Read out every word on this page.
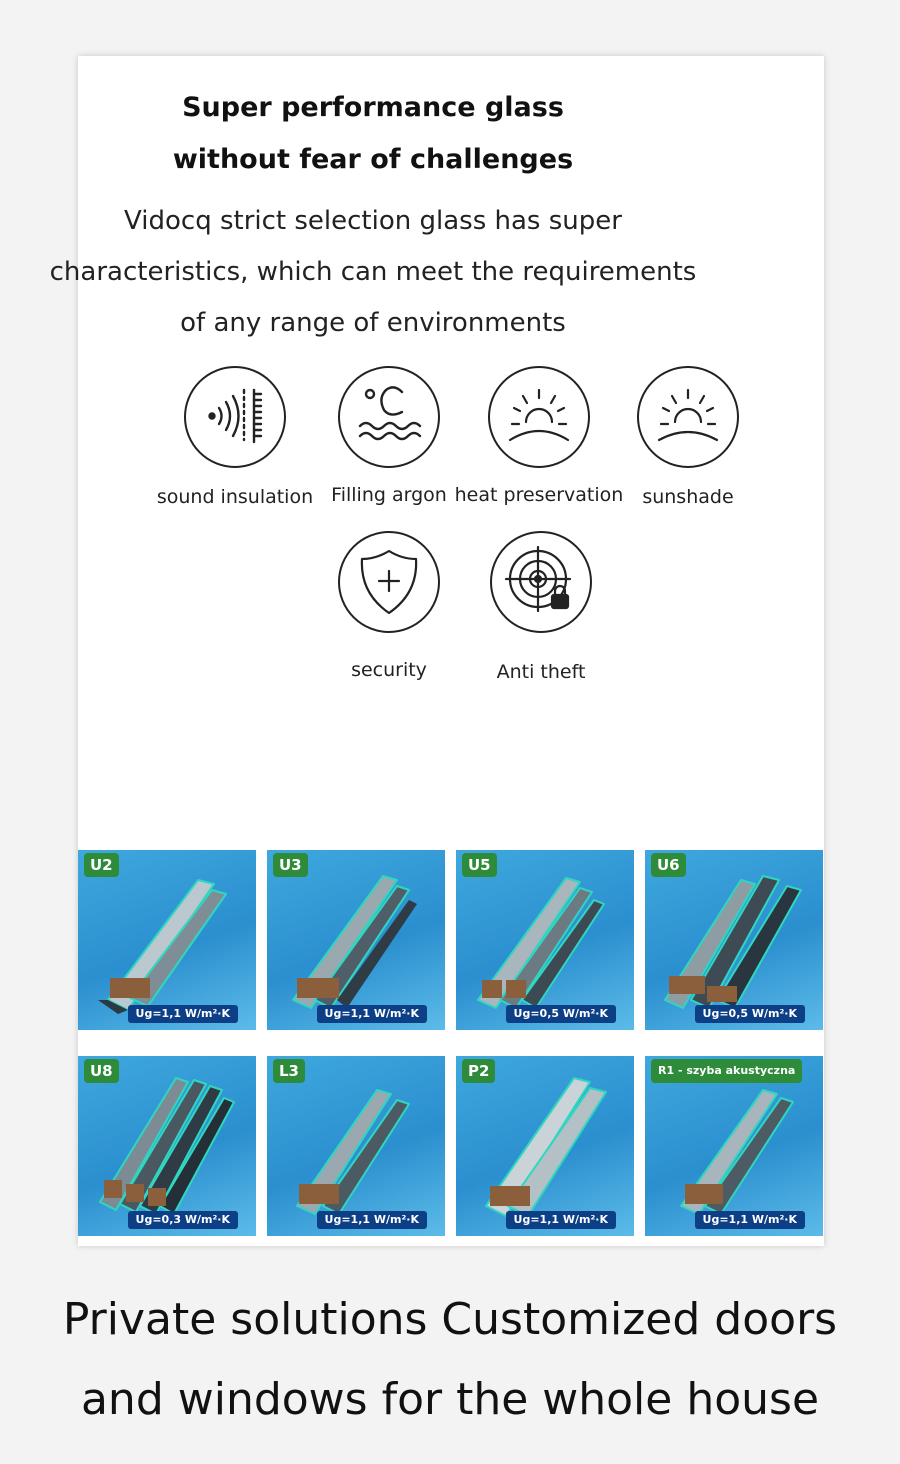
Super performance glass
without fear of challenges
Vidocq strict selection glass has super
characteristics, which can meet the requirements
of any range of environments
sound insulation Filling argon heat preservation sunshade
security	Anti theft
U2
Ug=1,1 W/m²·K
U3
Ug=1,1 W/m²·K
U5
Ug=0,5 W/m²·K
U6
Ug=0,5 W/m²·K
U8
Ug=0,3 W/m²·K
L3
Ug=1,1 W/m²·K
P2
Ug=1,1 W/m²·K
R1 - szyba akustyczna
Ug=1,1 W/m²·K
Private solutions Customized doors
and windows for the whole house
